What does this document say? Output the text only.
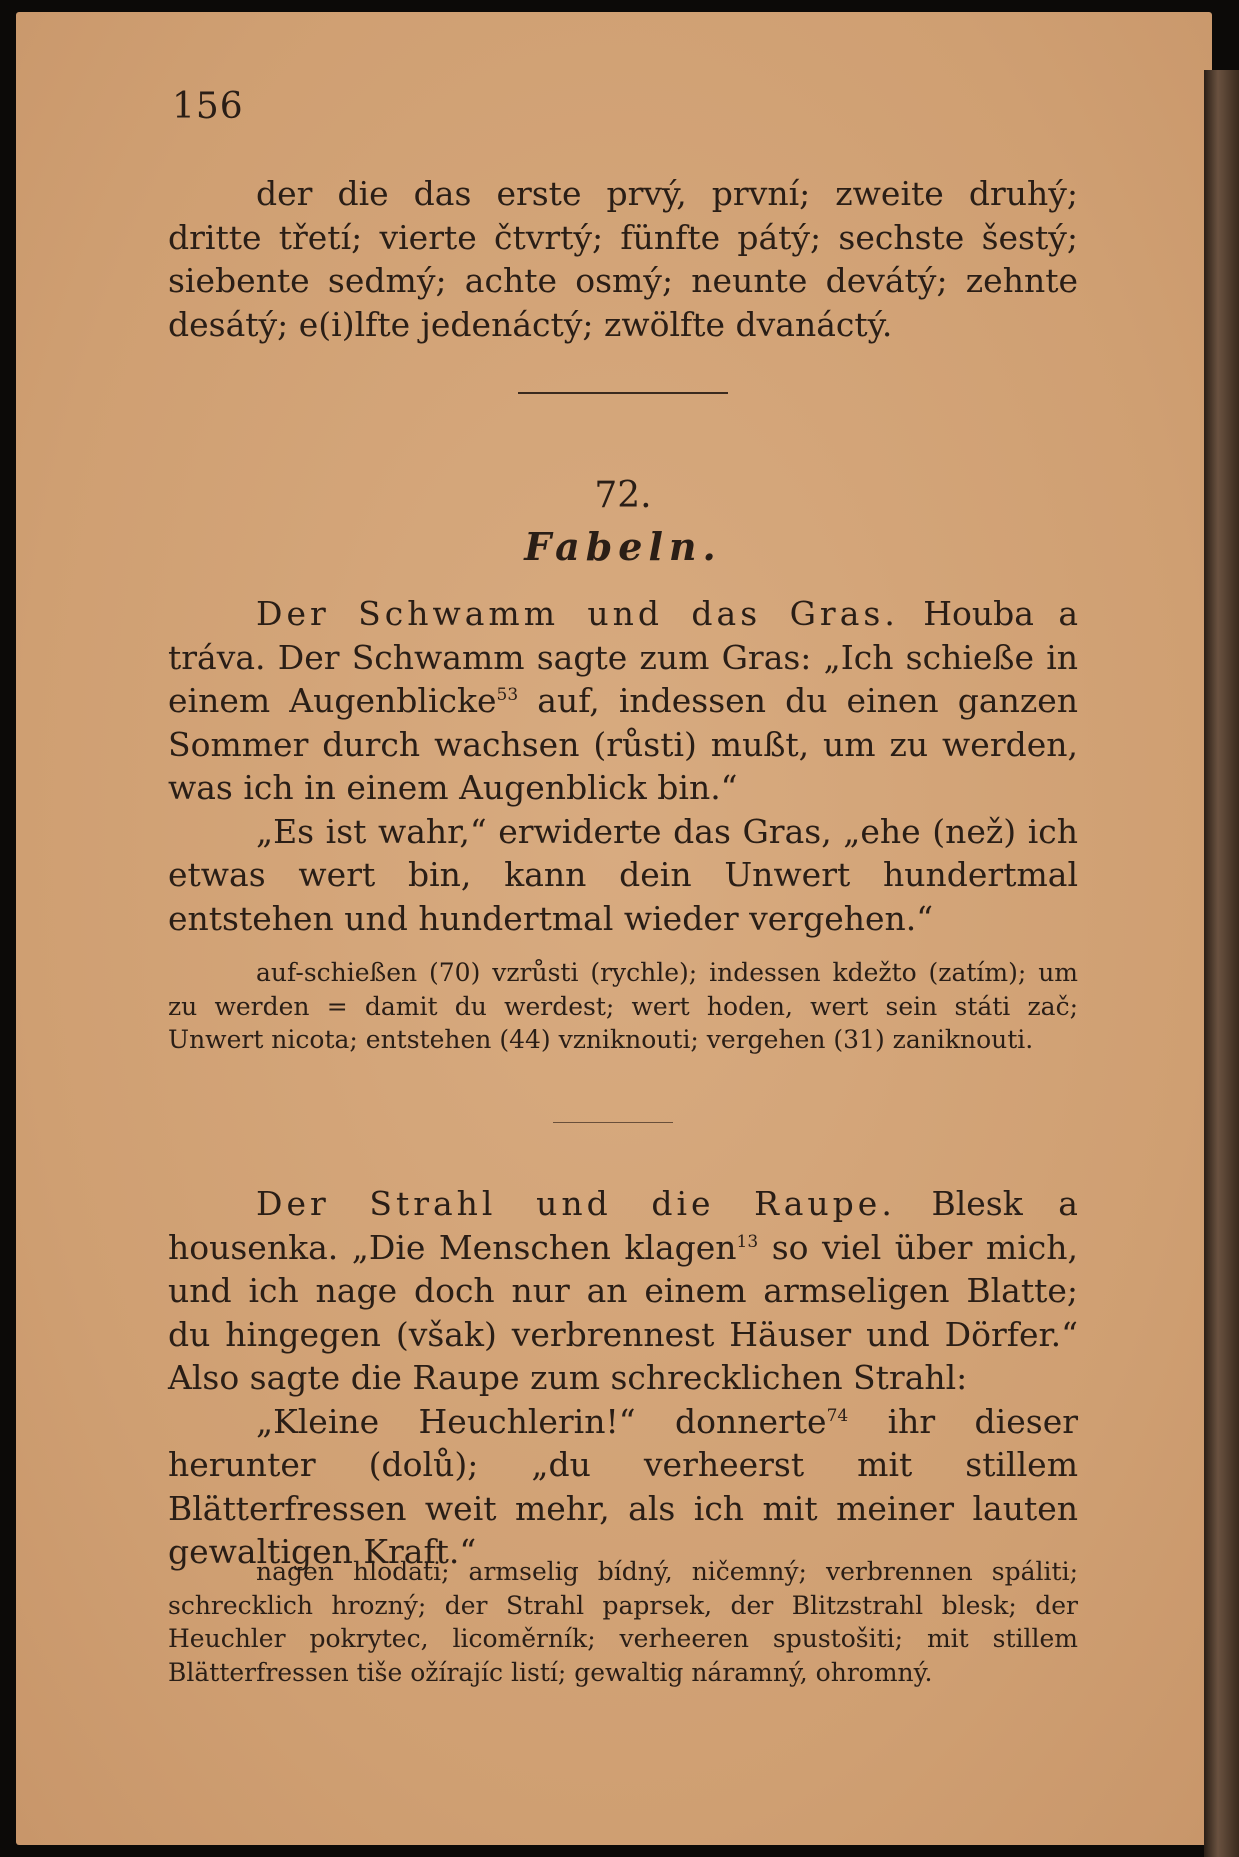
156

der die das erste prvý, první; zweite druhý; dritte třetí; vierte čtvrtý; fünfte pátý; sechste šestý; siebente sedmý; achte osmý; neunte devátý; zehnte desátý; e(i)lfte jedenáctý; zwölfte dvanáctý.

72.
Fabeln.

Der Schwamm und das Gras. Houba a tráva. Der Schwamm sagte zum Gras: „Ich schieße in einem Augenblicke$^{53}$ auf, indessen du einen ganzen Sommer durch wachsen (růsti) mußt, um zu werden, was ich in einem Augenblick bin.“

„Es ist wahr,“ erwiderte das Gras, „ehe (než) ich etwas wert bin, kann dein Unwert hundertmal entstehen und hundertmal wieder vergehen.“

auf-schießen (70) vzrůsti (rychle); indessen kdežto (zatím); um zu werden = damit du werdest; wert hoden, wert sein státi zač; Unwert nicota; entstehen (44) vzniknouti; vergehen (31) zaniknouti.

Der Strahl und die Raupe. Blesk a housenka. „Die Menschen klagen$^{13}$ so viel über mich, und ich nage doch nur an einem armseligen Blatte; du hingegen (však) verbrennest Häuser und Dörfer.“ Also sagte die Raupe zum schrecklichen Strahl:

„Kleine Heuchlerin!“ donnerte$^{74}$ ihr dieser herunter (dolů); „du verheerst mit stillem Blätterfressen weit mehr, als ich mit meiner lauten gewaltigen Kraft.“

nagen hlodati; armselig bídný, ničemný; verbrennen spáliti; schrecklich hrozný; der Strahl paprsek, der Blitzstrahl blesk; der Heuchler pokrytec, licoměrník; verheeren spustošiti; mit stillem Blätterfressen tiše ožírajíc listí; gewaltig náramný, ohromný.
